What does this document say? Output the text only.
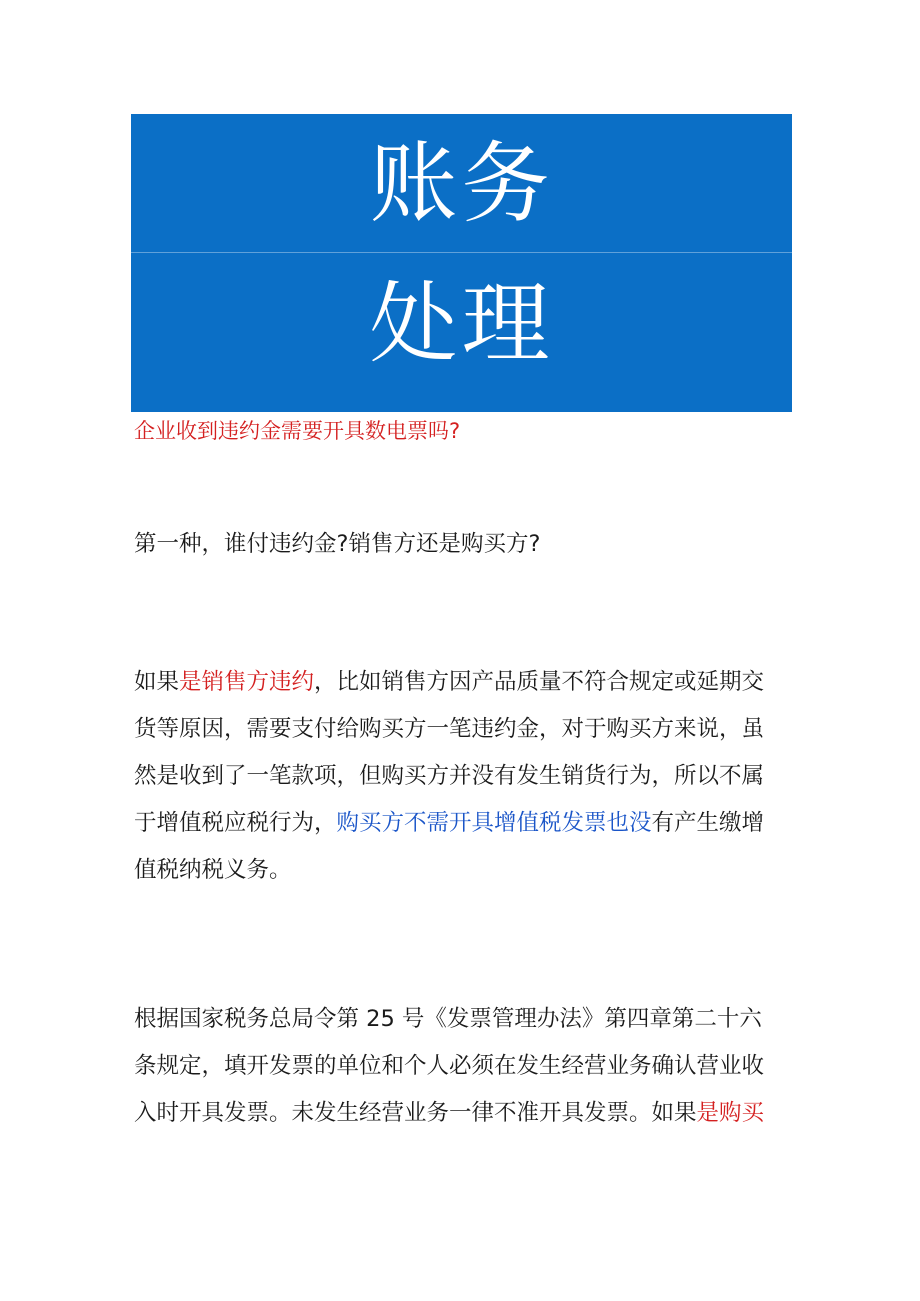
账务
处理
企业收到违约金需要开具数电票吗?
第一种，谁付违约金?销售方还是购买方?
如果是销售方违约，比如销售方因产品质量不符合规定或延期交
货等原因，需要支付给购买方一笔违约金，对于购买方来说，虽
然是收到了一笔款项，但购买方并没有发生销货行为，所以不属
于增值税应税行为，购买方不需开具增值税发票也没有产生缴增
值税纳税义务。
根据国家税务总局令第 25 号《发票管理办法》第四章第二十六
条规定，填开发票的单位和个人必须在发生经营业务确认营业收
入时开具发票。未发生经营业务一律不准开具发票。如果是购买
